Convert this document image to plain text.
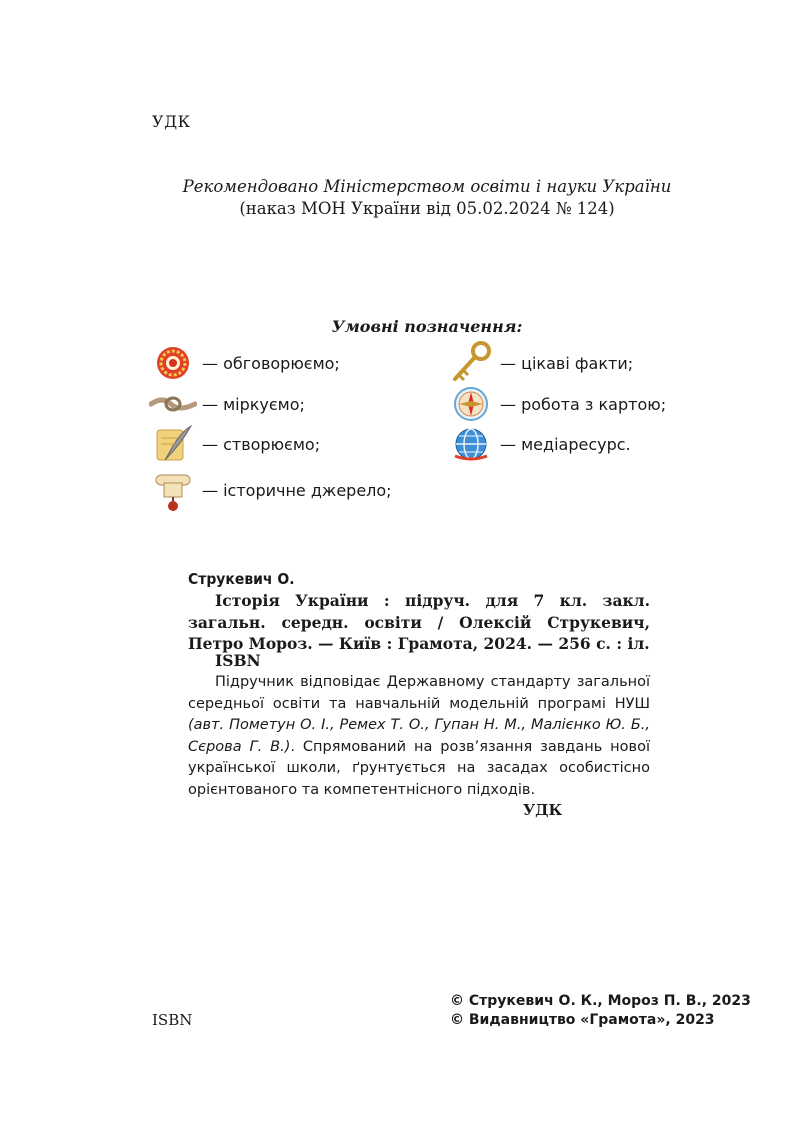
УДК
Рекомендовано Міністерством освіти і науки України
(наказ МОН України від 05.02.2024 № 124)
Умовні позначення:
— обговорюємо;
— міркуємо;
— створюємо;
— історичне джерело;
— цікаві факти;
— робота з картою;
— медіаресурс.
Струкевич О.
Історія України : підруч. для 7 кл. закл. загальн. середн. освіти / Олексій Струкевич, Петро Мороз. — Київ : Грамота, 2024. — 256 с. : іл.
ISBN
Підручник відповідає Державному стандарту загальної середньої освіти та навчальній модельній програмі НУШ (авт. Пометун О. І., Ремех Т. О., Гупан Н. М., Малієнко Ю. Б., Сєрова Г. В.). Спрямований на розв’язання завдань нової української школи, ґрунтується на засадах особистісно орієнтованого та компетентнісного підходів.
УДК
ISBN
© Струкевич О. К., Мороз П. В., 2023
© Видавництво «Грамота», 2023
